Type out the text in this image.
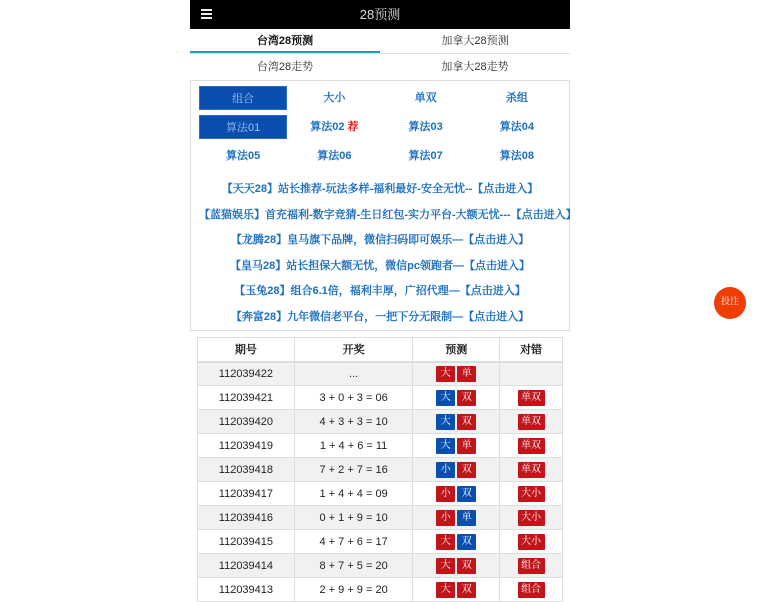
28预测
台湾28预测	加拿大28预测
台湾28走势	加拿大28走势
组合	大小	单双	杀组
算法01	算法02 荐	算法03	算法04
算法05	算法06	算法07	算法08
【天天28】站长推荐-玩法多样-福利最好-安全无忧--【点击进入】
【蓝猫娱乐】首充福利-数字竞猜-生日红包-实力平台-大额无忧---【点击进入】
【龙腾28】皇马旗下品牌，微信扫码即可娱乐—【点击进入】
【皇马28】站长担保大额无忧，微信pc领跑者—【点击进入】
【玉兔28】组合6.1倍，福利丰厚，广招代理—【点击进入】
【奔富28】九年微信老平台，一把下分无限制—【点击进入】
期号	开奖	预测	对错
112039422	...	大 单	
112039421	3 + 0 + 3 = 06	大 双	单双
112039420	4 + 3 + 3 = 10	大 双	单双
112039419	1 + 4 + 6 = 11	大 单	单双
112039418	7 + 2 + 7 = 16	小 双	单双
112039417	1 + 4 + 4 = 09	小 双	大小
112039416	0 + 1 + 9 = 10	小 单	大小
112039415	4 + 7 + 6 = 17	大 双	大小
112039414	8 + 7 + 5 = 20	大 双	组合
112039413	2 + 9 + 9 = 20	大 双	组合
投注
